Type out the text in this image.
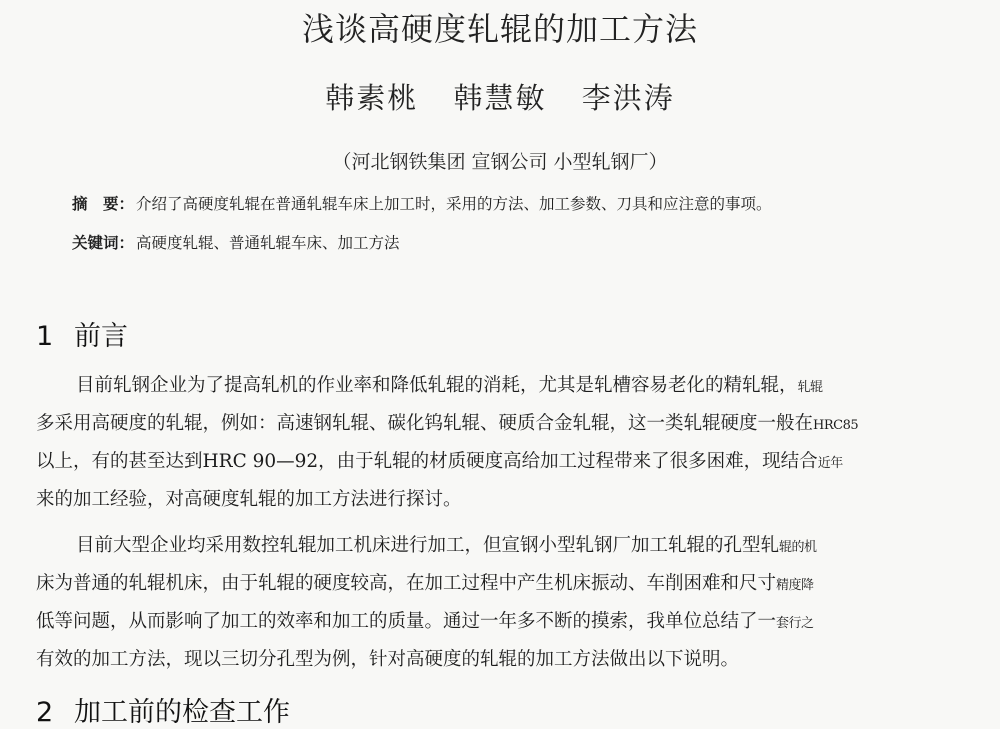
浅谈高硬度轧辊的加工方法
韩素桃 韩慧敏 李洪涛
（河北钢铁集团 宣钢公司 小型轧钢厂）
摘　要： 介绍了高硬度轧辊在普通轧辊车床上加工时，采用的方法、加工参数、刀具和应注意的事项。
关键词： 高硬度轧辊、普通轧辊车床、加工方法
1 前言
目前轧钢企业为了提高轧机的作业率和降低轧辊的消耗，尤其是轧槽容易老化的精轧辊，轧辊
多采用高硬度的轧辊，例如：高速钢轧辊、碳化钨轧辊、硬质合金轧辊，这一类轧辊硬度一般在HRC85
以上，有的甚至达到HRC 90—92，由于轧辊的材质硬度高给加工过程带来了很多困难，现结合近年
来的加工经验，对高硬度轧辊的加工方法进行探讨。
目前大型企业均采用数控轧辊加工机床进行加工，但宣钢小型轧钢厂加工轧辊的孔型轧辊的机
床为普通的轧辊机床，由于轧辊的硬度较高，在加工过程中产生机床振动、车削困难和尺寸精度降
低等问题，从而影响了加工的效率和加工的质量。通过一年多不断的摸索，我单位总结了一套行之
有效的加工方法，现以三切分孔型为例，针对高硬度的轧辊的加工方法做出以下说明。
2 加工前的检查工作
